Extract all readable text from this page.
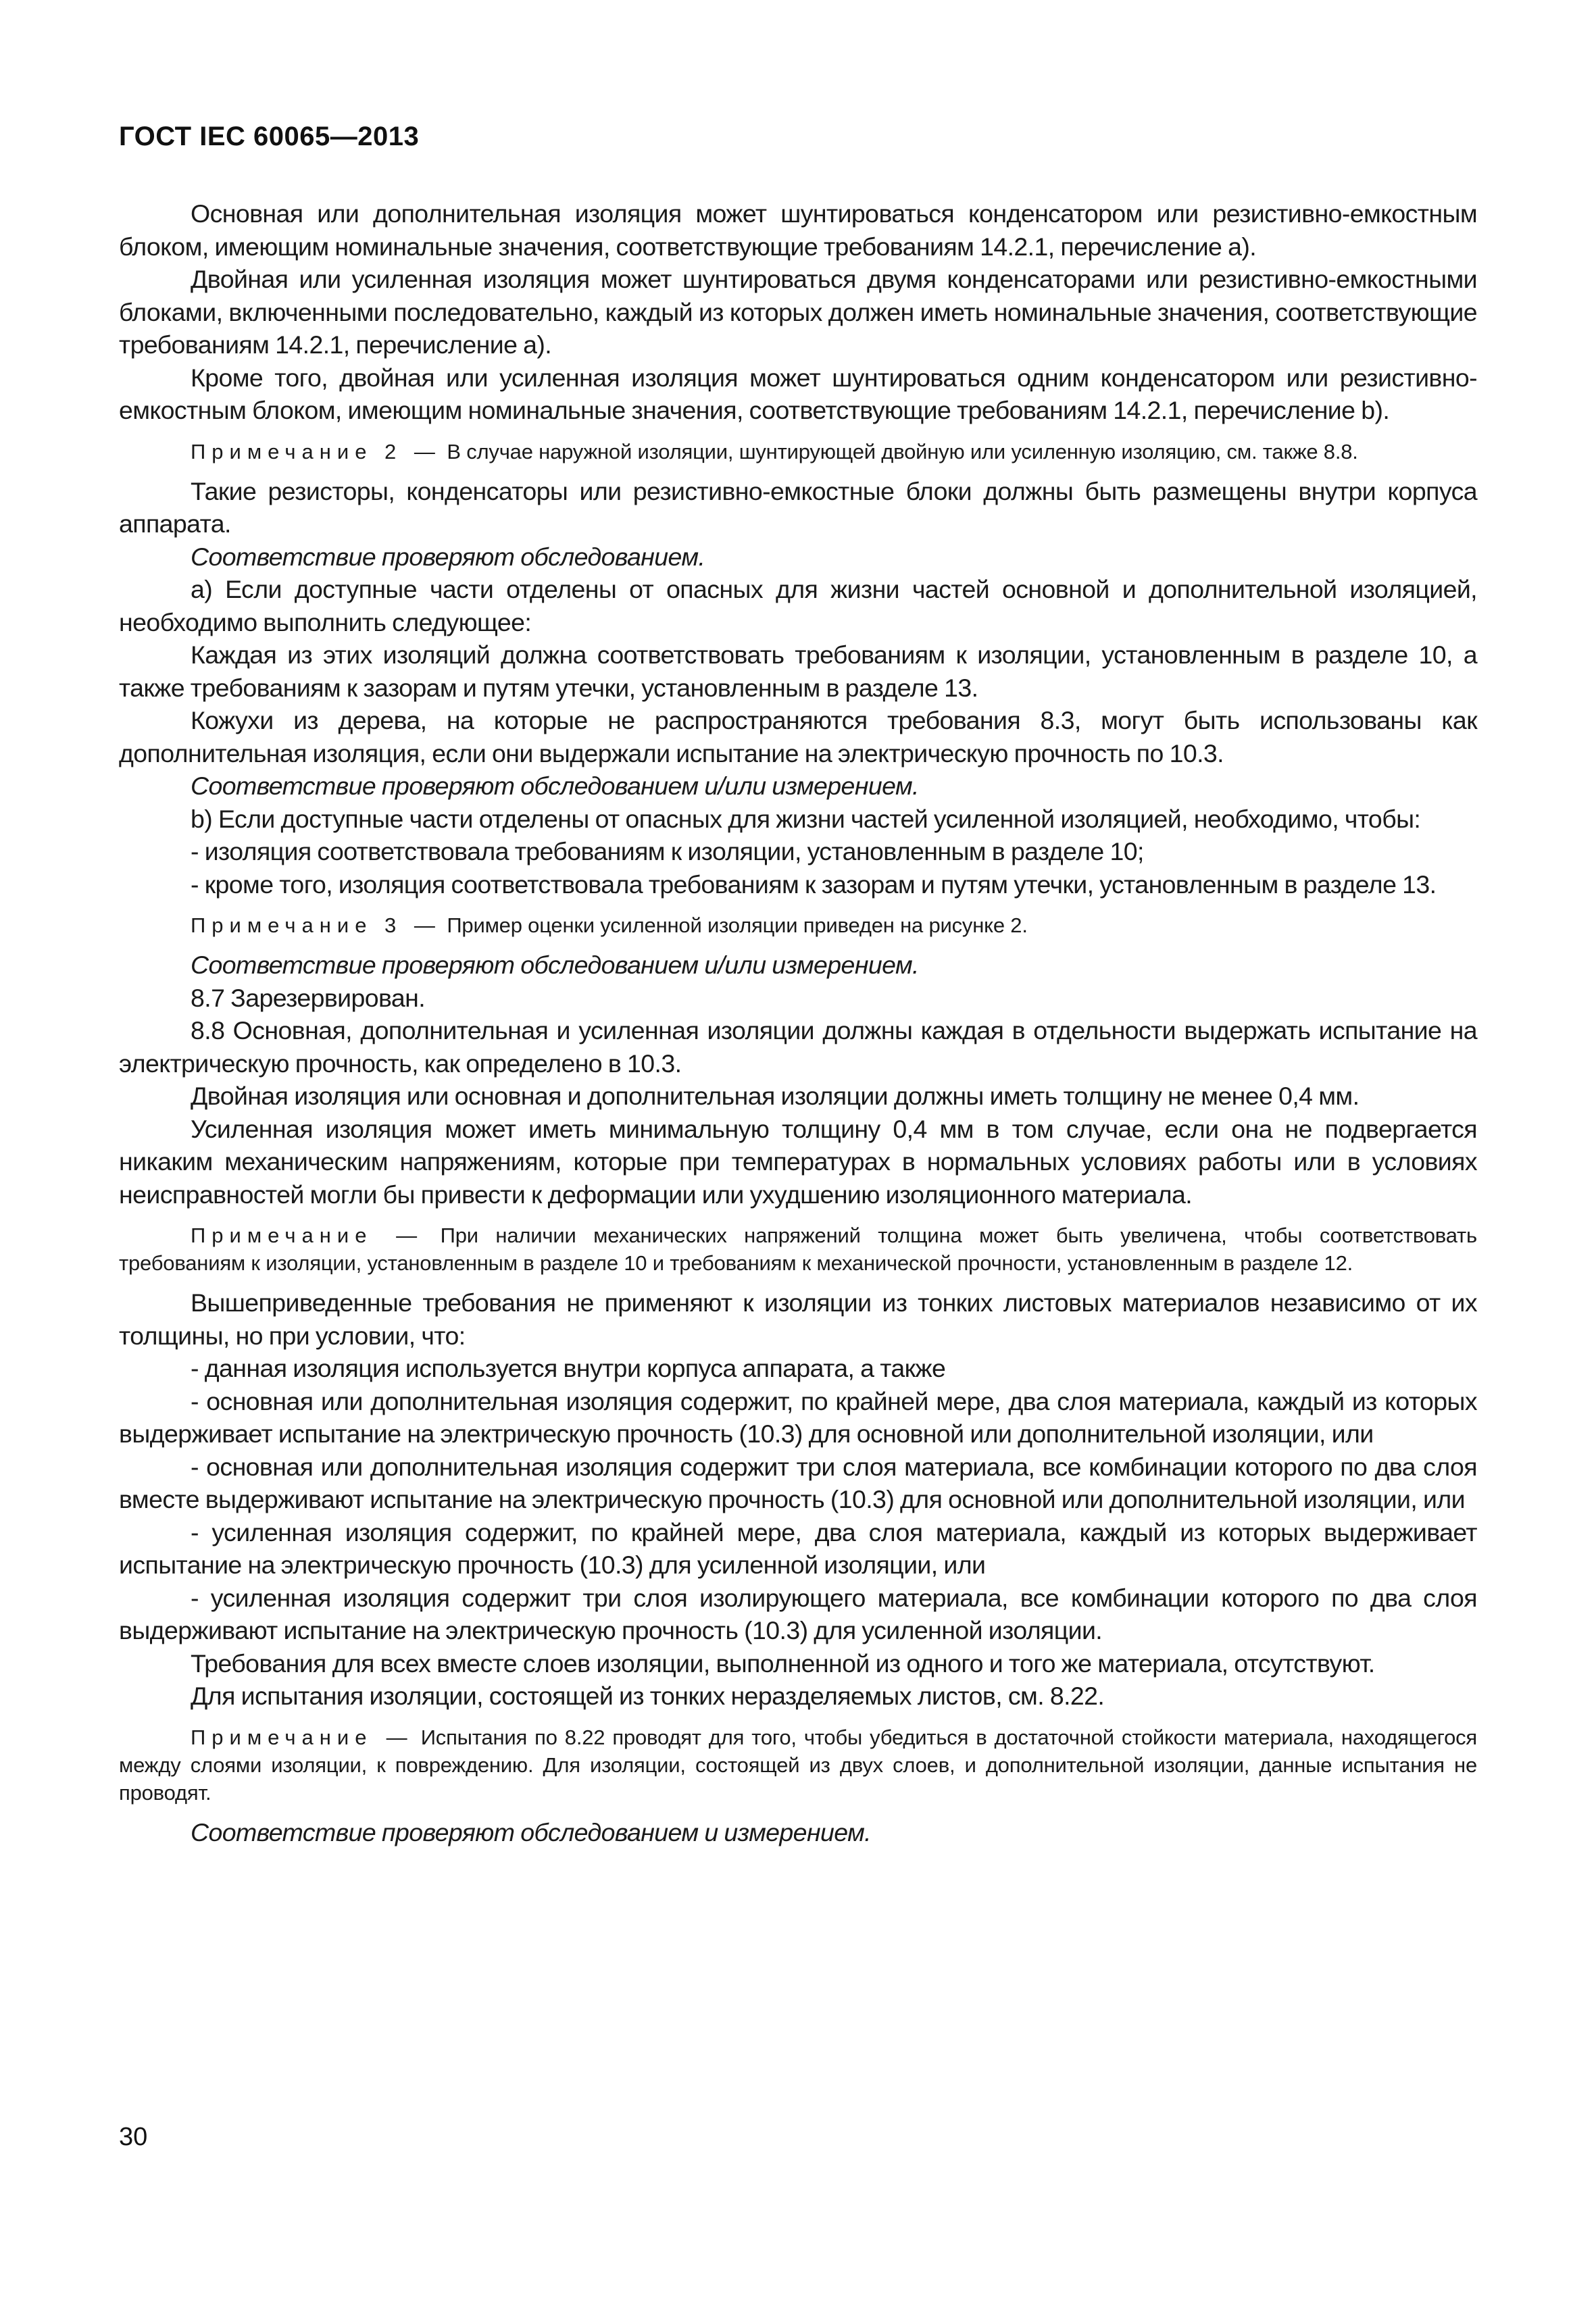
ГОСТ IEC 60065—2013

Основная или дополнительная изоляция может шунтироваться конденсатором или резистивно-емкостным блоком, имеющим номинальные значения, соответствующие требованиям 14.2.1, перечисление а).

Двойная или усиленная изоляция может шунтироваться двумя конденсаторами или резистивно-емкостными блоками, включенными последовательно, каждый из которых должен иметь номинальные значения, соответствующие требованиям 14.2.1, перечисление а).

Кроме того, двойная или усиленная изоляция может шунтироваться одним конденсатором или резистивно-емкостным блоком, имеющим номинальные значения, соответствующие требованиям 14.2.1, перечисление b).

Примечание 2 — В случае наружной изоляции, шунтирующей двойную или усиленную изоляцию, см. также 8.8.

Такие резисторы, конденсаторы или резистивно-емкостные блоки должны быть размещены внутри корпуса аппарата.

Соответствие проверяют обследованием.

а) Если доступные части отделены от опасных для жизни частей основной и дополнительной изоляцией, необходимо выполнить следующее:

Каждая из этих изоляций должна соответствовать требованиям к изоляции, установленным в разделе 10, а также требованиям к зазорам и путям утечки, установленным в разделе 13.

Кожухи из дерева, на которые не распространяются требования 8.3, могут быть использованы как дополнительная изоляция, если они выдержали испытание на электрическую прочность по 10.3.

Соответствие проверяют обследованием и/или измерением.

b) Если доступные части отделены от опасных для жизни частей усиленной изоляцией, необходимо, чтобы:

- изоляция соответствовала требованиям к изоляции, установленным в разделе 10;

- кроме того, изоляция соответствовала требованиям к зазорам и путям утечки, установленным в разделе 13.

Примечание 3 — Пример оценки усиленной изоляции приведен на рисунке 2.

Соответствие проверяют обследованием и/или измерением.

8.7 Зарезервирован.

8.8 Основная, дополнительная и усиленная изоляции должны каждая в отдельности выдержать испытание на электрическую прочность, как определено в 10.3.

Двойная изоляция или основная и дополнительная изоляции должны иметь толщину не менее 0,4 мм.

Усиленная изоляция может иметь минимальную толщину 0,4 мм в том случае, если она не подвергается никаким механическим напряжениям, которые при температурах в нормальных условиях работы или в условиях неисправностей могли бы привести к деформации или ухудшению изоляционного материала.

Примечание — При наличии механических напряжений толщина может быть увеличена, чтобы соответствовать требованиям к изоляции, установленным в разделе 10 и требованиям к механической прочности, установленным в разделе 12.

Вышеприведенные требования не применяют к изоляции из тонких листовых материалов независимо от их толщины, но при условии, что:

- данная изоляция используется внутри корпуса аппарата, а также

- основная или дополнительная изоляция содержит, по крайней мере, два слоя материала, каждый из которых выдерживает испытание на электрическую прочность (10.3) для основной или дополнительной изоляции, или

- основная или дополнительная изоляция содержит три слоя материала, все комбинации которого по два слоя вместе выдерживают испытание на электрическую прочность (10.3) для основной или дополнительной изоляции, или

- усиленная изоляция содержит, по крайней мере, два слоя материала, каждый из которых выдерживает испытание на электрическую прочность (10.3) для усиленной изоляции, или

- усиленная изоляция содержит три слоя изолирующего материала, все комбинации которого по два слоя выдерживают испытание на электрическую прочность (10.3) для усиленной изоляции.

Требования для всех вместе слоев изоляции, выполненной из одного и того же материала, отсутствуют.

Для испытания изоляции, состоящей из тонких неразделяемых листов, см. 8.22.

Примечание — Испытания по 8.22 проводят для того, чтобы убедиться в достаточной стойкости материала, находящегося между слоями изоляции, к повреждению. Для изоляции, состоящей из двух слоев, и дополнительной изоляции, данные испытания не проводят.

Соответствие проверяют обследованием и измерением.

30
